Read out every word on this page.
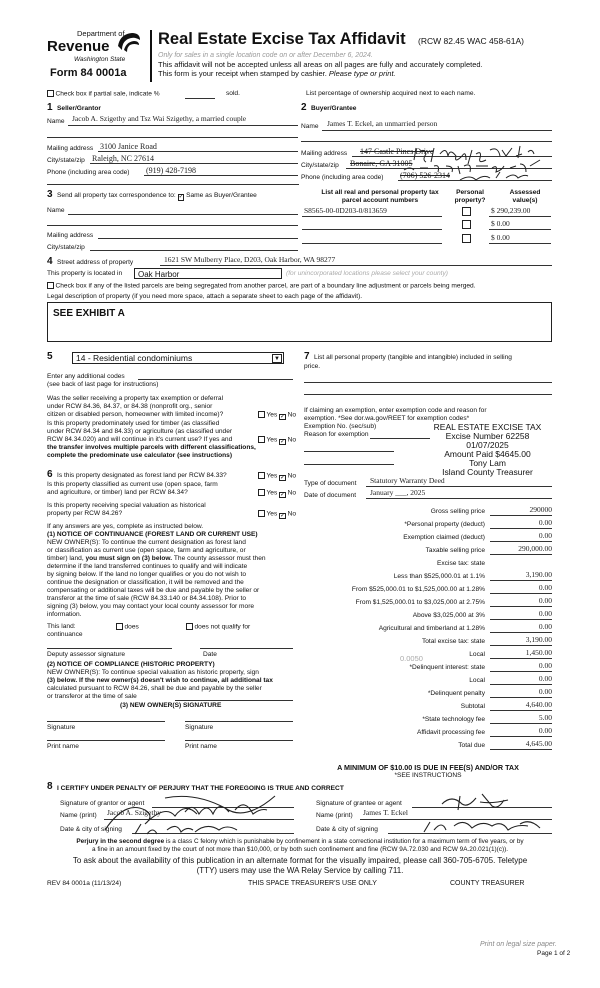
Department of
Revenue
Washington State
Form 84 0001a
Real Estate Excise Tax Affidavit (RCW 82.45 WAC 458-61A)
Only for sales in a single location code on or after December 6, 2024.
This affidavit will not be accepted unless all areas on all pages are fully and accurately completed.
This form is your receipt when stamped by cashier. Please type or print.
Check box if partial sale, indicate %	sold.	List percentage of ownership acquired next to each name.
1 Seller/Grantor
Name Jacob A. Szigethy and Tsz Wai Szigethy, a married couple
Mailing address 3100 Janice Road
City/state/zip Raleigh, NC 27614
Phone (including area code) (919) 428-7198
2 Buyer/Grantee
Name James T. Eckel, an unmarried person
Mailing address 147 Castle Pines Drive
City/state/zip Bonaire, GA 31005
Phone (including area code) (706) 526-2314
3 Send all property tax correspondence to: ✓ Same as Buyer/Grantee
Name
Mailing address
City/state/zip
List all real and personal property tax
parcel account numbers
Personal
property?
Assessed
value(s)
S8565-00-0D203-0/813659	$ 290,239.00
$ 0.00
$ 0.00
4 Street address of property	1621 SW Mulberry Place, D203, Oak Harbor, WA 98277
This property is located in Oak Harbor	(for unincorporated locations please select your county)
Check box if any of the listed parcels are being segregated from another parcel, are part of a boundary line adjustment or parcels being merged.
Legal description of property (if you need more space, attach a separate sheet to each page of the affidavit).
SEE EXHIBIT A
5	14 - Residential condominiums	▼
Enter any additional codes
(see back of last page for instructions)
Was the seller receiving a property tax exemption or deferral
under RCW 84.36, 84.37, or 84.38 (nonprofit org., senior
citizen or disabled person, homeowner with limited income)?	Yes ✓ No
Is this property predominately used for timber (as classified
under RCW 84.34 and 84.33) or agriculture (as classified under
RCW 84.34.020) and will continue in it's current use? If yes and
the transfer involves multiple parcels with different classifications,
complete the predominate use calculator (see instructions)
Yes ✓ No
6 Is this property designated as forest land per RCW 84.33?	Yes ✓ No
Is this property classified as current use (open space, farm
and agriculture, or timber) land per RCW 84.34?	Yes ✓ No
Is this property receiving special valuation as historical
property per RCW 84.26?	Yes ✓ No
If any answers are yes, complete as instructed below.
(1) NOTICE OF CONTINUANCE (FOREST LAND OR CURRENT USE)
NEW OWNER(S): To continue the current designation as forest land
or classification as current use (open space, farm and agriculture, or
timber) land, you must sign on (3) below. The county assessor must then
determine if the land transferred continues to qualify and will indicate
by signing below. If the land no longer qualifies or you do not wish to
continue the designation or classification, it will be removed and the
compensating or additional taxes will be due and payable by the seller or
transferor at the time of sale (RCW 84.33.140 or 84.34.108). Prior to
signing (3) below, you may contact your local county assessor for more
information.
This land:	does	does not qualify for
continuance
Deputy assessor signature	Date
(2) NOTICE OF COMPLIANCE (HISTORIC PROPERTY)
NEW OWNER(S): To continue special valuation as historic property, sign
(3) below. If the new owner(s) doesn't wish to continue, all additional tax
calculated pursuant to RCW 84.26, shall be due and payable by the seller
or transferor at the time of sale
(3) NEW OWNER(S) SIGNATURE
Signature	Signature
Print name	Print name
7 List all personal property (tangible and intangible) included in selling
price.
If claiming an exemption, enter exemption code and reason for
exemption. *See dor.wa.gov/REET for exemption codes*
Exemption No. (sec/sub)
Reason for exemption
REAL ESTATE EXCISE TAX
Excise Number 62258
01/07/2025
Amount Paid $4645.00
Tony Lam
Island County Treasurer
Type of document Statutory Warranty Deed
Date of document January ___, 2025
Gross selling price	290000
*Personal property (deduct)	0.00
Exemption claimed (deduct)	0.00
Taxable selling price	290,000.00
Excise tax: state
Less than $525,000.01 at 1.1%	3,190.00
From $525,000.01 to $1,525,000.00 at 1.28%	0.00
From $1,525,000.01 to $3,025,000 at 2.75%	0.00
Above $3,025,000 at 3%	0.00
Agricultural and timberland at 1.28%	0.00
Total excise tax: state	3,190.00
Local	1,450.00
*Delinquent interest: state	0.00
Local	0.00
*Delinquent penalty	0.00
Subtotal	4,640.00
*State technology fee	5.00
Affidavit processing fee	0.00
Total due	4,645.00
0.0050
A MINIMUM OF $10.00 IS DUE IN FEE(S) AND/OR TAX
*SEE INSTRUCTIONS
8 I CERTIFY UNDER PENALTY OF PERJURY THAT THE FOREGOING IS TRUE AND CORRECT
Signature of grantor or agent
Name (print) Jacob A. Szigethy
Date & city of signing
Signature of grantee or agent
Name (print) James T. Eckel
Date & city of signing
Perjury in the second degree is a class C felony which is punishable by confinement in a state correctional institution for a maximum term of five years, or by
a fine in an amount fixed by the court of not more than $10,000, or by both such confinement and fine (RCW 9A.72.030 and RCW 9A.20.021(1)(c)).
To ask about the availability of this publication in an alternate format for the visually impaired, please call 360-705-6705. Teletype
(TTY) users may use the WA Relay Service by calling 711.
REV 84 0001a (11/13/24)	THIS SPACE TREASURER'S USE ONLY	COUNTY TREASURER
Print on legal size paper.
Page 1 of 2
